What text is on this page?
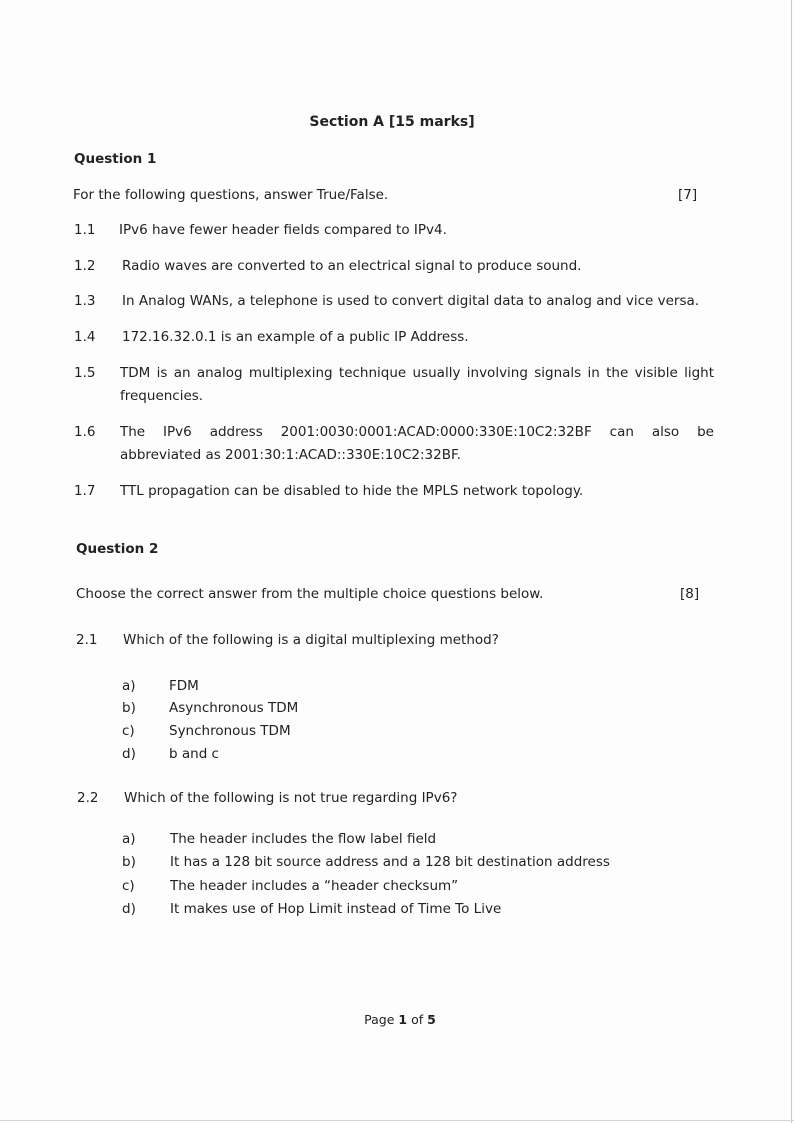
Section A [15 marks]
Question 1
For the following questions, answer True/False.	[7]
1.1 IPv6 have fewer header fields compared to IPv4.
1.2 Radio waves are converted to an electrical signal to produce sound.
1.3 In Analog WANs, a telephone is used to convert digital data to analog and vice versa.
1.4 172.16.32.0.1 is an example of a public IP Address.
1.5 TDM is an analog multiplexing technique usually involving signals in the visible light frequencies.
1.6 The IPv6 address 2001:0030:0001:ACAD:0000:330E:10C2:32BF can also be abbreviated as 2001:30:1:ACAD::330E:10C2:32BF.
1.7 TTL propagation can be disabled to hide the MPLS network topology.
Question 2
Choose the correct answer from the multiple choice questions below.	[8]
2.1 Which of the following is a digital multiplexing method?
a) FDM
b) Asynchronous TDM
c)	Synchronous TDM
d) b and c
2.2 Which of the following is not true regarding IPv6?
a)	The header includes the flow label field
b)	It has a 128 bit source address and a 128 bit destination address
c)	The header includes a “header checksum”
d)	It makes use of Hop Limit instead of Time To Live
Page 1 of 5
